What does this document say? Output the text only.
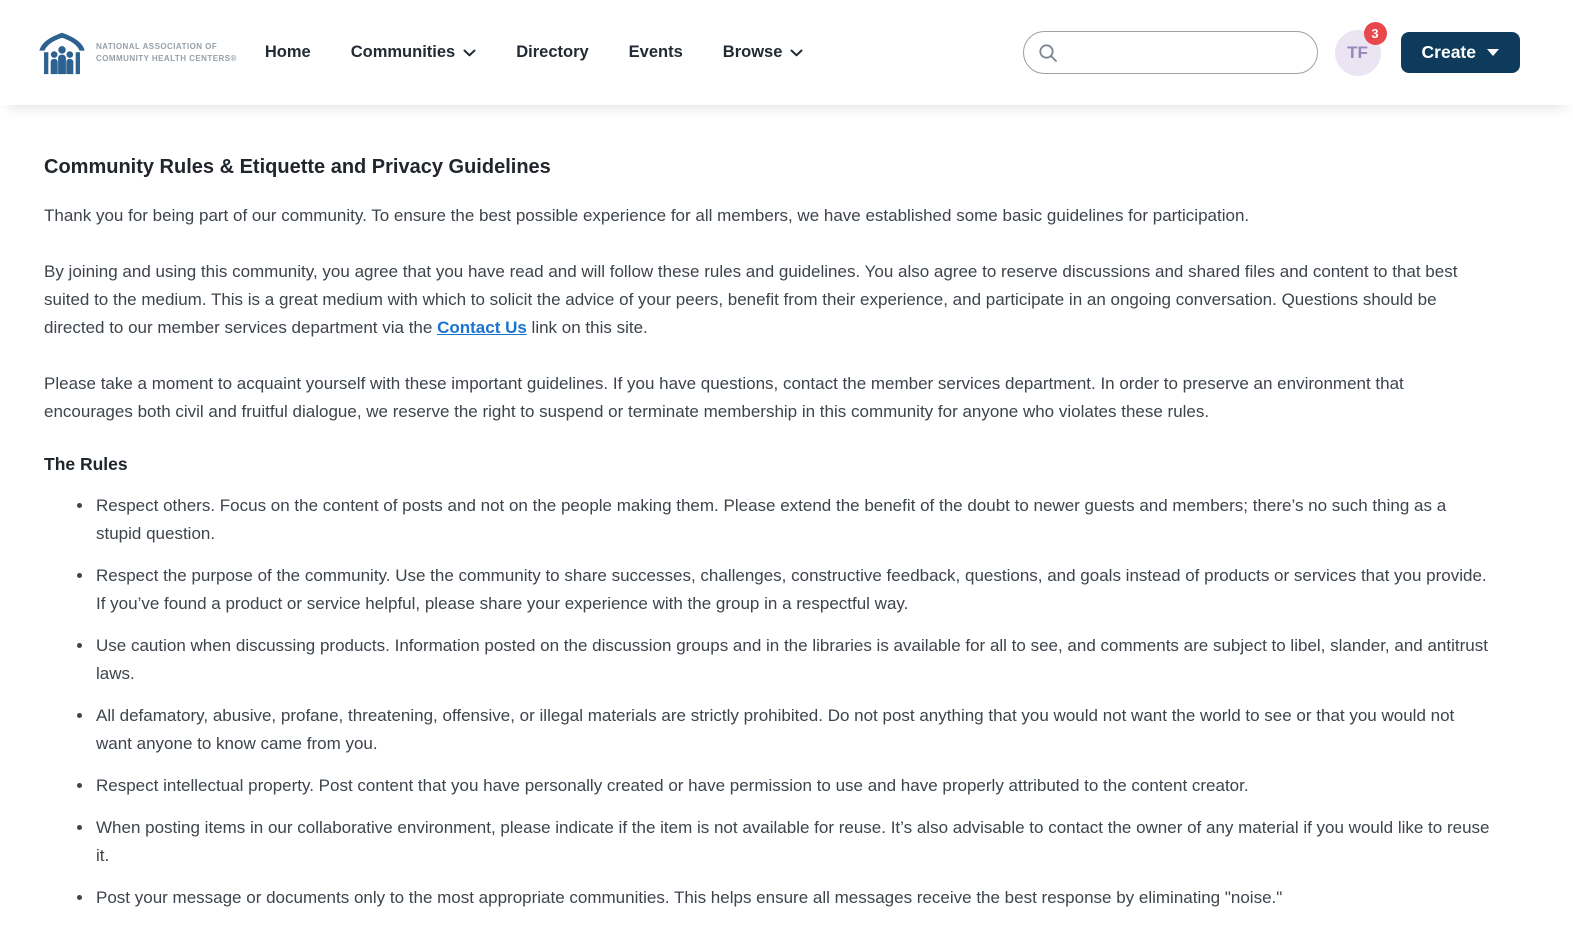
NATIONAL ASSOCIATION OF
COMMUNITY HEALTH CENTERS® Home Communities	Directory Events Browse	TF
3
Create
Community Rules & Etiquette and Privacy Guidelines

Thank you for being part of our community. To ensure the best possible experience for all members, we have established some basic guidelines for participation.

By joining and using this community, you agree that you have read and will follow these rules and guidelines. You also agree to reserve discussions and shared files and content to that best suited to the medium. This is a great medium with which to solicit the advice of your peers, benefit from their experience, and participate in an ongoing conversation. Questions should be directed to our member services department via the Contact Us link on this site.

Please take a moment to acquaint yourself with these important guidelines. If you have questions, contact the member services department. In order to preserve an environment that encourages both civil and fruitful dialogue, we reserve the right to suspend or terminate membership in this community for anyone who violates these rules.

The Rules
• Respect others. Focus on the content of posts and not on the people making them. Please extend the benefit of the doubt to newer guests and members; there’s no such thing as a stupid question.
• Respect the purpose of the community. Use the community to share successes, challenges, constructive feedback, questions, and goals instead of products or services that you provide. If you’ve found a product or service helpful, please share your experience with the group in a respectful way.
• Use caution when discussing products. Information posted on the discussion groups and in the libraries is available for all to see, and comments are subject to libel, slander, and antitrust laws.
• All defamatory, abusive, profane, threatening, offensive, or illegal materials are strictly prohibited. Do not post anything that you would not want the world to see or that you would not want anyone to know came from you.
• Respect intellectual property. Post content that you have personally created or have permission to use and have properly attributed to the content creator.
• When posting items in our collaborative environment, please indicate if the item is not available for reuse. It’s also advisable to contact the owner of any material if you would like to reuse it.
• Post your message or documents only to the most appropriate communities. This helps ensure all messages receive the best response by eliminating "noise."
